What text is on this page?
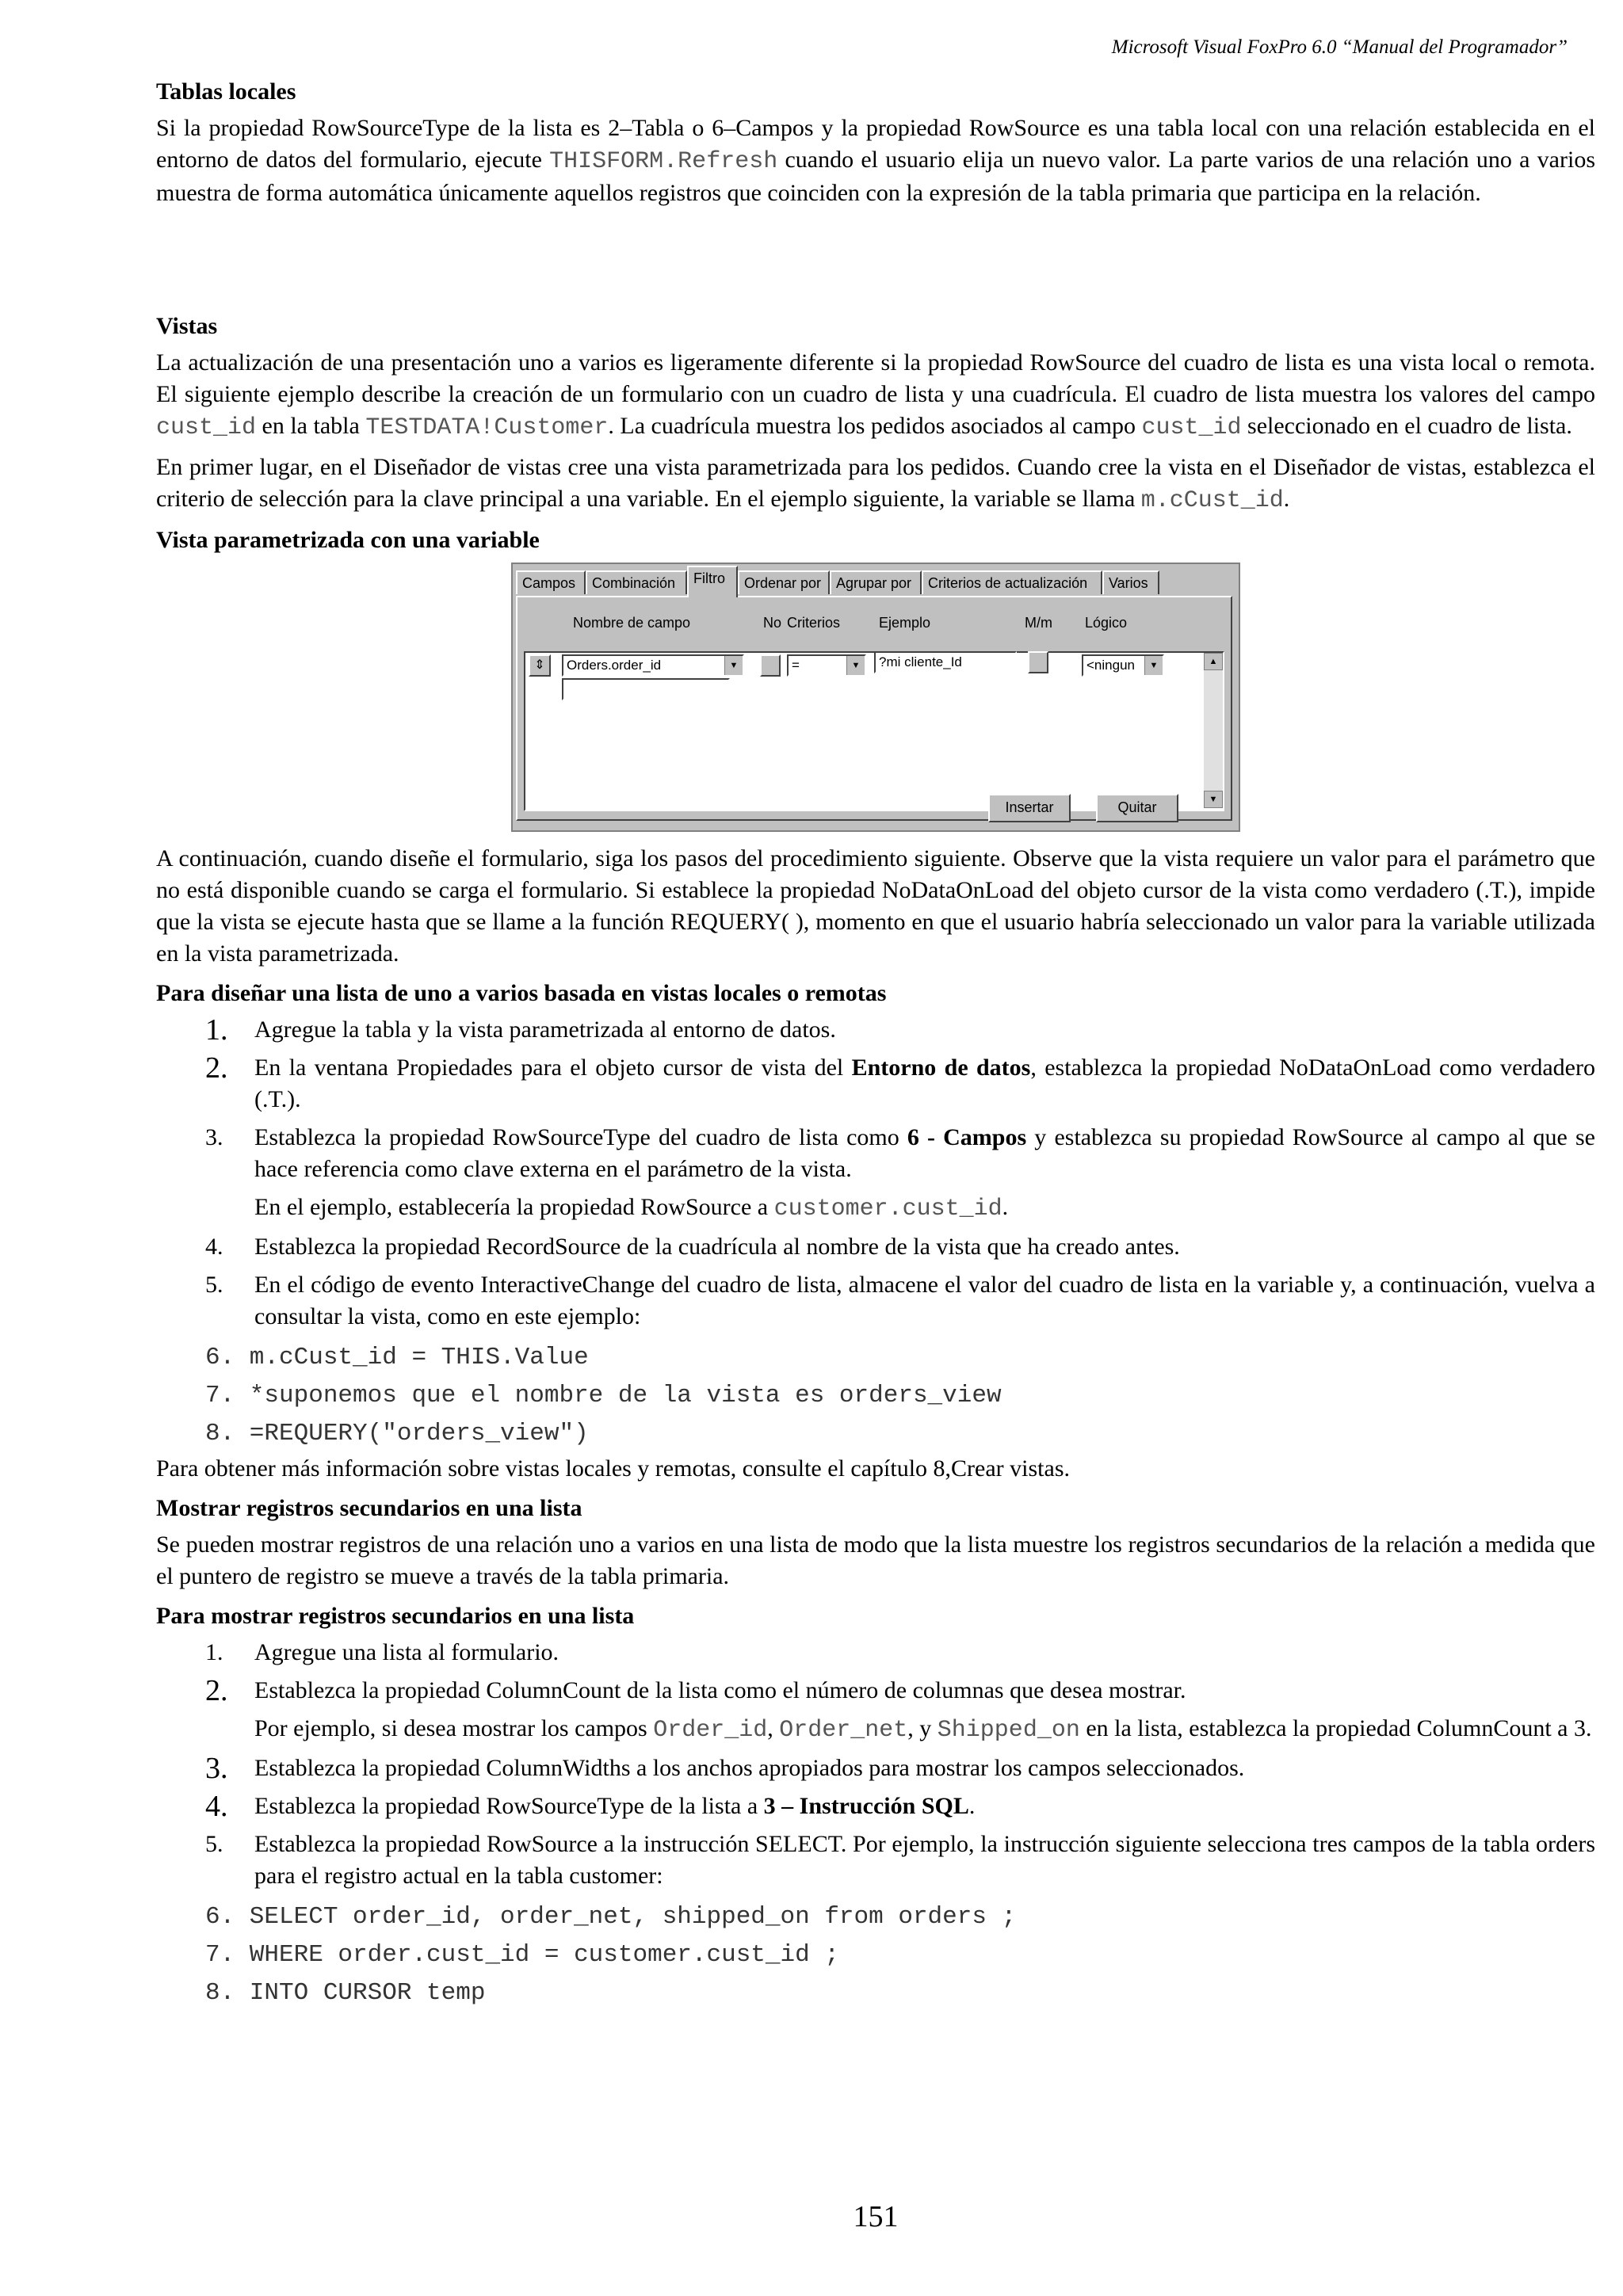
Microsoft Visual FoxPro 6.0 “Manual del Programador”
Tablas locales

Si la propiedad RowSourceType de la lista es 2–Tabla o 6–Campos y la propiedad RowSource es una tabla local con una relación establecida en el entorno de datos del formulario, ejecute THISFORM.Refresh cuando el usuario elija un nuevo valor. La parte varios de una relación uno a varios muestra de forma automática únicamente aquellos registros que coinciden con la expresión de la tabla primaria que participa en la relación.

Vistas

La actualización de una presentación uno a varios es ligeramente diferente si la propiedad RowSource del cuadro de lista es una vista local o remota. El siguiente ejemplo describe la creación de un formulario con un cuadro de lista y una cuadrícula. El cuadro de lista muestra los valores del campo cust_id en la tabla TESTDATA!Customer. La cuadrícula muestra los pedidos asociados al campo cust_id seleccionado en el cuadro de lista.

En primer lugar, en el Diseñador de vistas cree una vista parametrizada para los pedidos. Cuando cree la vista en el Diseñador de vistas, establezca el criterio de selección para la clave principal a una variable. En el ejemplo siguiente, la variable se llama m.cCust_id.

Vista parametrizada con una variable
Campos	Combinación	Filtro	Ordenar por	Agrupar por	Criterios de actualización	Varios
Nombre de campo	No Criterios	Ejemplo	M/m Lógico
⇕	Orders.order_id	▼	=	▼	?mi cliente_Id	<ningun	▼	▲
▼
Insertar	Quitar

A continuación, cuando diseñe el formulario, siga los pasos del procedimiento siguiente. Observe que la vista requiere un valor para el parámetro que no está disponible cuando se carga el formulario. Si establece la propiedad NoDataOnLoad del objeto cursor de la vista como verdadero (.T.), impide que la vista se ejecute hasta que se llame a la función REQUERY( ), momento en que el usuario habría seleccionado un valor para la variable utilizada en la vista parametrizada.

Para diseñar una lista de uno a varios basada en vistas locales o remotas
1.	Agregue la tabla y la vista parametrizada al entorno de datos.
2.	En la ventana Propiedades para el objeto cursor de vista del Entorno de datos, establezca la propiedad NoDataOnLoad como verdadero (.T.).
3.	Establezca la propiedad RowSourceType del cuadro de lista como 6 - Campos y establezca su propiedad RowSource al campo al que se hace referencia como clave externa en el parámetro de la vista.
En el ejemplo, establecería la propiedad RowSource a customer.cust_id.
4.	Establezca la propiedad RecordSource de la cuadrícula al nombre de la vista que ha creado antes.
5.	En el código de evento InteractiveChange del cuadro de lista, almacene el valor del cuadro de lista en la variable y, a continuación, vuelva a consultar la vista, como en este ejemplo:
6. m.cCust_id = THIS.Value
7. *suponemos que el nombre de la vista es orders_view
8. =REQUERY("orders_view")

Para obtener más información sobre vistas locales y remotas, consulte el capítulo 8,Crear vistas.

Mostrar registros secundarios en una lista

Se pueden mostrar registros de una relación uno a varios en una lista de modo que la lista muestre los registros secundarios de la relación a medida que el puntero de registro se mueve a través de la tabla primaria.

Para mostrar registros secundarios en una lista
1.	Agregue una lista al formulario.
2.	Establezca la propiedad ColumnCount de la lista como el número de columnas que desea mostrar.
Por ejemplo, si desea mostrar los campos Order_id, Order_net, y Shipped_on en la lista, establezca la propiedad ColumnCount a 3.
3.	Establezca la propiedad ColumnWidths a los anchos apropiados para mostrar los campos seleccionados.
4.	Establezca la propiedad RowSourceType de la lista a 3 – Instrucción SQL.
5.	Establezca la propiedad RowSource a la instrucción SELECT. Por ejemplo, la instrucción siguiente selecciona tres campos de la tabla orders para el registro actual en la tabla customer:
6. SELECT order_id, order_net, shipped_on from orders ;
7. WHERE order.cust_id = customer.cust_id ;
8. INTO CURSOR temp
151
